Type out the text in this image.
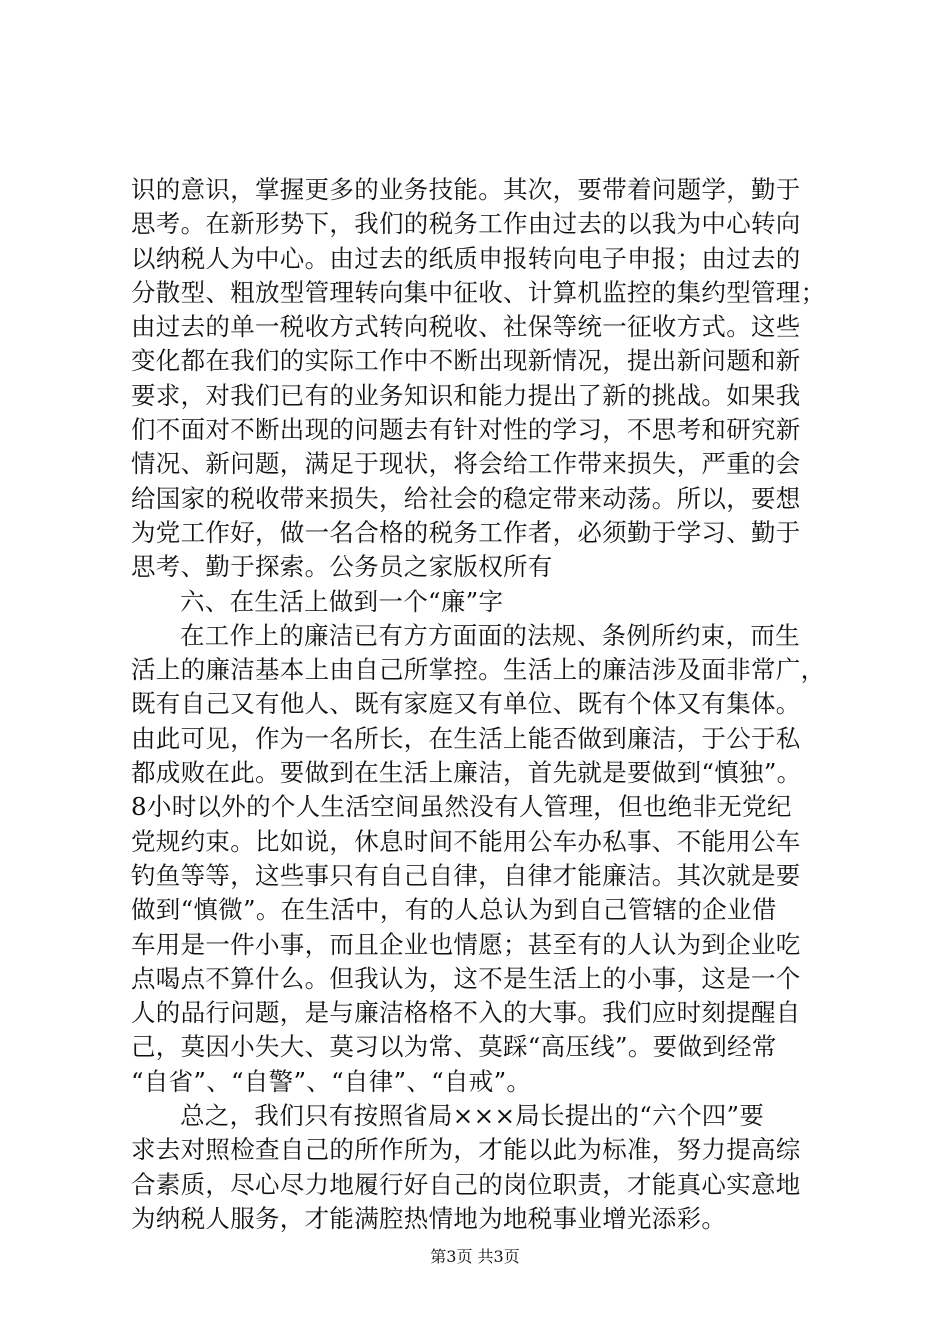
识的意识，掌握更多的业务技能。其次，要带着问题学，勤于
思考。在新形势下，我们的税务工作由过去的以我为中心转向
以纳税人为中心。由过去的纸质申报转向电子申报；由过去的
分散型、粗放型管理转向集中征收、计算机监控的集约型管理；
由过去的单一税收方式转向税收、社保等统一征收方式。这些
变化都在我们的实际工作中不断出现新情况，提出新问题和新
要求，对我们已有的业务知识和能力提出了新的挑战。如果我
们不面对不断出现的问题去有针对性的学习，不思考和研究新
情况、新问题，满足于现状，将会给工作带来损失，严重的会
给国家的税收带来损失，给社会的稳定带来动荡。所以，要想
为党工作好，做一名合格的税务工作者，必须勤于学习、勤于
思考、勤于探索。公务员之家版权所有
六、在生活上做到一个“廉”字
在工作上的廉洁已有方方面面的法规、条例所约束，而生
活上的廉洁基本上由自己所掌控。生活上的廉洁涉及面非常广，
既有自己又有他人、既有家庭又有单位、既有个体又有集体。
由此可见，作为一名所长，在生活上能否做到廉洁，于公于私
都成败在此。要做到在生活上廉洁，首先就是要做到“慎独”。
8小时以外的个人生活空间虽然没有人管理，但也绝非无党纪
党规约束。比如说，休息时间不能用公车办私事、不能用公车
钓鱼等等，这些事只有自己自律，自律才能廉洁。其次就是要
做到“慎微”。在生活中，有的人总认为到自己管辖的企业借
车用是一件小事，而且企业也情愿；甚至有的人认为到企业吃
点喝点不算什么。但我认为，这不是生活上的小事，这是一个
人的品行问题，是与廉洁格格不入的大事。我们应时刻提醒自
己，莫因小失大、莫习以为常、莫踩“高压线”。要做到经常
“自省”、“自警”、“自律”、“自戒”。
总之，我们只有按照省局×××局长提出的“六个四”要
求去对照检查自己的所作所为，才能以此为标准，努力提高综
合素质，尽心尽力地履行好自己的岗位职责，才能真心实意地
为纳税人服务，才能满腔热情地为地税事业增光添彩。
第3页 共3页
